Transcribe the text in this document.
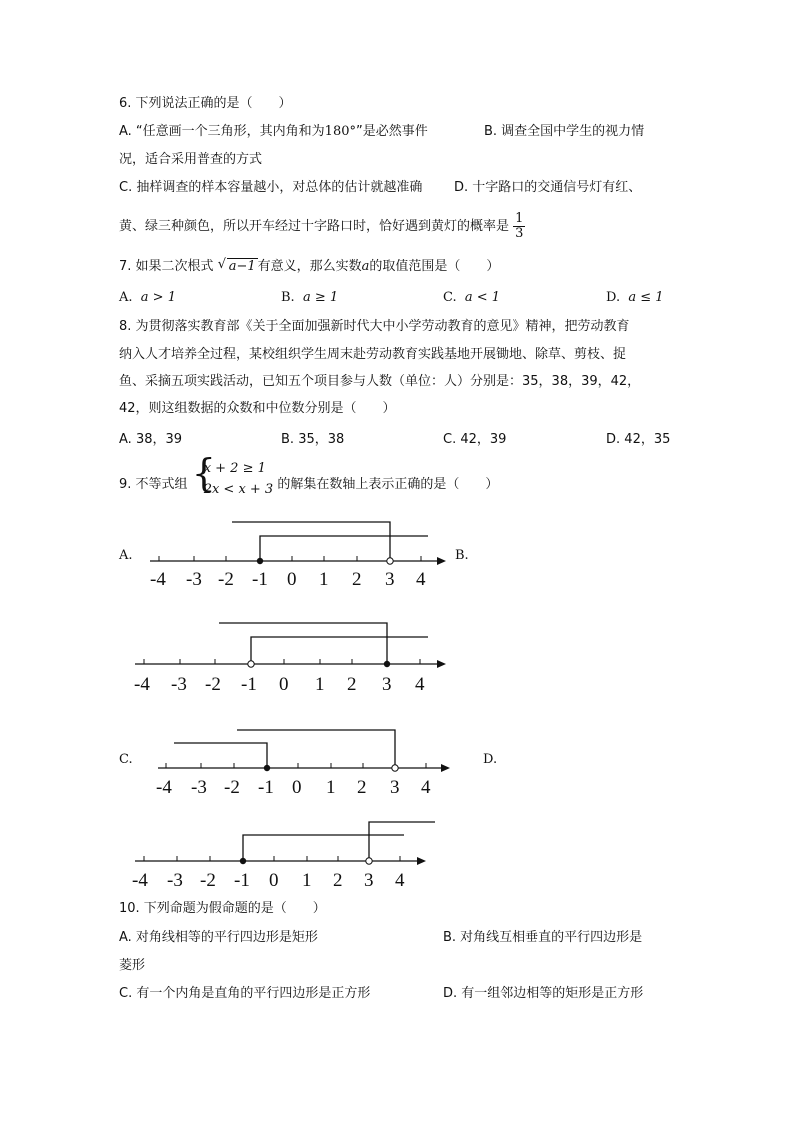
6. 下列说法正确的是（　　）
A. “任意画一个三角形，其内角和为180°”是必然事件	B. 调查全国中学生的视力情
况，适合采用普查的方式
C. 抽样调查的样本容量越小，对总体的估计就越准确 D. 十字路口的交通信号灯有红、
黄、绿三种颜色，所以开车经过十字路口时，恰好遇到黄灯的概率是 $\frac{1}{3}$
7. 如果二次根式 √ a−1 有意义，那么实数a的取值范围是（　　）
A. a > 1	B. a ≥ 1	C. a < 1	D. a ≤ 1
8. 为贯彻落实教育部《关于全面加强新时代大中小学劳动教育的意见》精神，把劳动教育
纳入人才培养全过程，某校组织学生周末赴劳动教育实践基地开展锄地、除草、剪枝、捉
鱼、采摘五项实践活动，已知五个项目参与人数（单位：人）分别是：35，38，39，42，
42，则这组数据的众数和中位数分别是（　　）
A. 38，39	B. 35，38	C. 42，39	D. 42，35
9. 不等式组 {
x + 2 ≥ 1
2x < x + 3 的解集在数轴上表示正确的是（　　）
A.	B.
C.	D.
-4 -3 -2 -1 0 1 2 3 4
-4 -3 -2 -1 0 1 2 3 4
-4 -3 -2 -1 0 1 2 3 4
-4 -3 -2 -1 0 1 2 3 4
10. 下列命题为假命题的是（　　）
A. 对角线相等的平行四边形是矩形	B. 对角线互相垂直的平行四边形是
菱形
C. 有一个内角是直角的平行四边形是正方形	D. 有一组邻边相等的矩形是正方形
